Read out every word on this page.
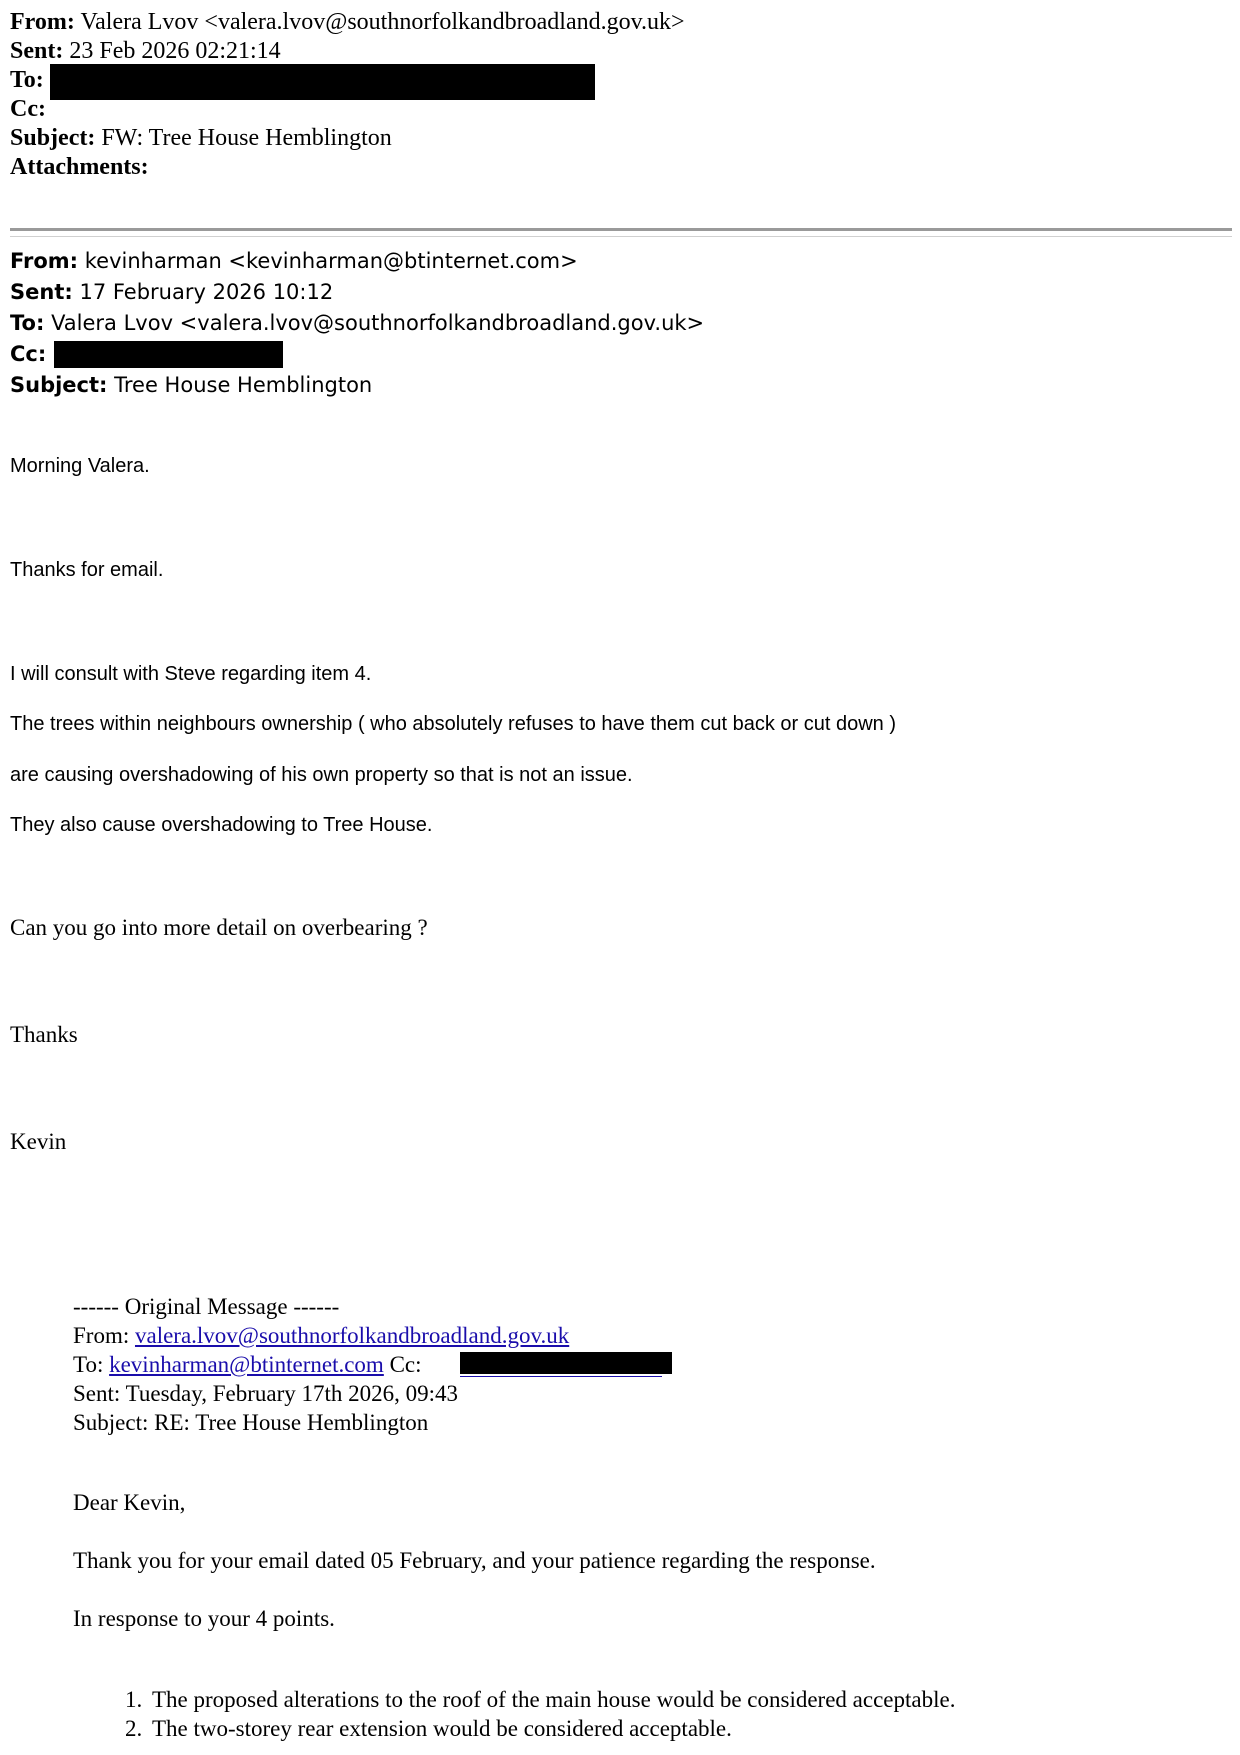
From: Valera Lvov <valera.lvov@southnorfolkandbroadland.gov.uk>
Sent: 23 Feb 2026 02:21:14
To:
Cc:
Subject: FW: Tree House Hemblington
Attachments:
From: kevinharman <kevinharman@btinternet.com>
Sent: 17 February 2026 10:12
To: Valera Lvov <valera.lvov@southnorfolkandbroadland.gov.uk>
Cc:
Subject: Tree House Hemblington
Morning Valera.
Thanks for email.
I will consult with Steve regarding item 4.
The trees within neighbours ownership ( who absolutely refuses to have them cut back or cut down )
are causing overshadowing of his own property so that is not an issue.
They also cause overshadowing to Tree House.
Can you go into more detail on overbearing ?
Thanks
Kevin
------ Original Message ------
From: valera.lvov@southnorfolkandbroadland.gov.uk
To: kevinharman@btinternet.com Cc:
Sent: Tuesday, February 17th 2026, 09:43
Subject: RE: Tree House Hemblington
Dear Kevin,
Thank you for your email dated 05 February, and your patience regarding the response.
In response to your 4 points.
1. The proposed alterations to the roof of the main house would be considered acceptable.
2. The two-storey rear extension would be considered acceptable.
